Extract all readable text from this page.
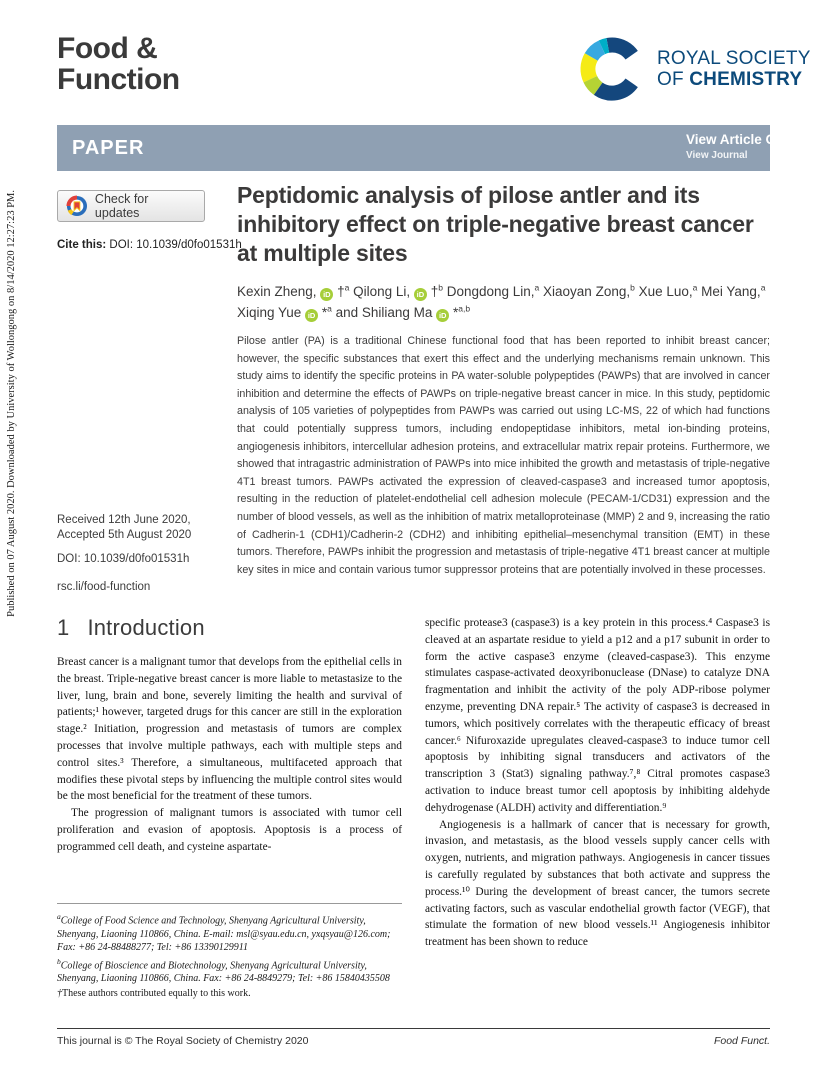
Published on 07 August 2020. Downloaded by University of Wollongong on 8/14/2020 12:27:23 PM.
Food &
Function
ROYAL SOCIETY
OF CHEMISTRY
PAPER	View Article Online
View Journal
Check for updates
Cite this: DOI: 10.1039/d0fo01531h
Peptidomic analysis of pilose antler and its inhibitory effect on triple-negative breast cancer at multiple sites
Kexin Zheng, iD †$^a$ Qilong Li, iD †$^b$ Dongdong Lin,$^a$ Xiaoyan Zong,$^b$ Xue Luo,$^a$ Mei Yang,$^a$ Xiqing Yue iD *$^a$ and Shiliang Ma iD *$^{a,b}$

Pilose antler (PA) is a traditional Chinese functional food that has been reported to inhibit breast cancer; however, the specific substances that exert this effect and the underlying mechanisms remain unknown. This study aims to identify the specific proteins in PA water-soluble polypeptides (PAWPs) that are involved in cancer inhibition and determine the effects of PAWPs on triple-negative breast cancer in mice. In this study, peptidomic analysis of 105 varieties of polypeptides from PAWPs was carried out using LC-MS, 22 of which had functions that could potentially suppress tumors, including endopeptidase inhibitors, metal ion-binding proteins, angiogenesis inhibitors, intercellular adhesion proteins, and extracellular matrix repair proteins. Furthermore, we showed that intragastric administration of PAWPs into mice inhibited the growth and metastasis of triple-negative 4T1 breast tumors. PAWPs activated the expression of cleaved-caspase3 and increased tumor apoptosis, resulting in the reduction of platelet-endothelial cell adhesion molecule (PECAM-1/CD31) expression and the number of blood vessels, as well as the inhibition of matrix metalloproteinase (MMP) 2 and 9, increasing the ratio of Cadherin-1 (CDH1)/Cadherin-2 (CDH2) and inhibiting epithelial–mesenchymal transition (EMT) in these tumors. Therefore, PAWPs inhibit the progression and metastasis of triple-negative 4T1 breast cancer at multiple key sites in mice and contain various tumor suppressor proteins that are potentially involved in these processes.

Received 12th June 2020,
Accepted 5th August 2020
DOI: 10.1039/d0fo01531h
rsc.li/food-function
1 Introduction

Breast cancer is a malignant tumor that develops from the epithelial cells in the breast. Triple-negative breast cancer is more liable to metastasize to the liver, lung, brain and bone, severely limiting the health and survival of patients;¹ however, targeted drugs for this cancer are still in the exploration stage.² Initiation, progression and metastasis of tumors are complex processes that involve multiple pathways, each with multiple steps and control sites.³ Therefore, a simultaneous, multifaceted approach that modifies these pivotal steps by influencing the multiple control sites would be the most beneficial for the treatment of these tumors.

The progression of malignant tumors is associated with tumor cell proliferation and evasion of apoptosis. Apoptosis is a process of programmed cell death, and cysteine aspartate-

specific protease3 (caspase3) is a key protein in this process.⁴ Caspase3 is cleaved at an aspartate residue to yield a p12 and a p17 subunit in order to form the active caspase3 enzyme (cleaved-caspase3). This enzyme stimulates caspase-activated deoxyribonuclease (DNase) to catalyze DNA fragmentation and inhibit the activity of the poly ADP-ribose polymer enzyme, preventing DNA repair.⁵ The activity of caspase3 is decreased in tumors, which positively correlates with the therapeutic efficacy of breast cancer.⁶ Nifuroxazide upregulates cleaved-caspase3 to induce tumor cell apoptosis by inhibiting signal transducers and activators of the transcription 3 (Stat3) signaling pathway.⁷,⁸ Citral promotes caspase3 activation to induce breast tumor cell apoptosis by inhibiting aldehyde dehydrogenase (ALDH) activity and differentiation.⁹

Angiogenesis is a hallmark of cancer that is necessary for growth, invasion, and metastasis, as the blood vessels supply cancer cells with oxygen, nutrients, and migration pathways. Angiogenesis in cancer tissues is carefully regulated by substances that both activate and suppress the process.¹⁰ During the development of breast cancer, the tumors secrete activating factors, such as vascular endothelial growth factor (VEGF), that stimulate the formation of new blood vessels.¹¹ Angiogenesis inhibitor treatment has been shown to reduce

$^a$College of Food Science and Technology, Shenyang Agricultural University, Shenyang, Liaoning 110866, China. E-mail: msl@syau.edu.cn, yxqsyau@126.com; Fax: +86 24-88488277; Tel: +86 13390129911
$^b$College of Bioscience and Biotechnology, Shenyang Agricultural University, Shenyang, Liaoning 110866, China. Fax: +86 24-8849279; Tel: +86 15840435508
†These authors contributed equally to this work.
This journal is © The Royal Society of Chemistry 2020	Food Funct.
